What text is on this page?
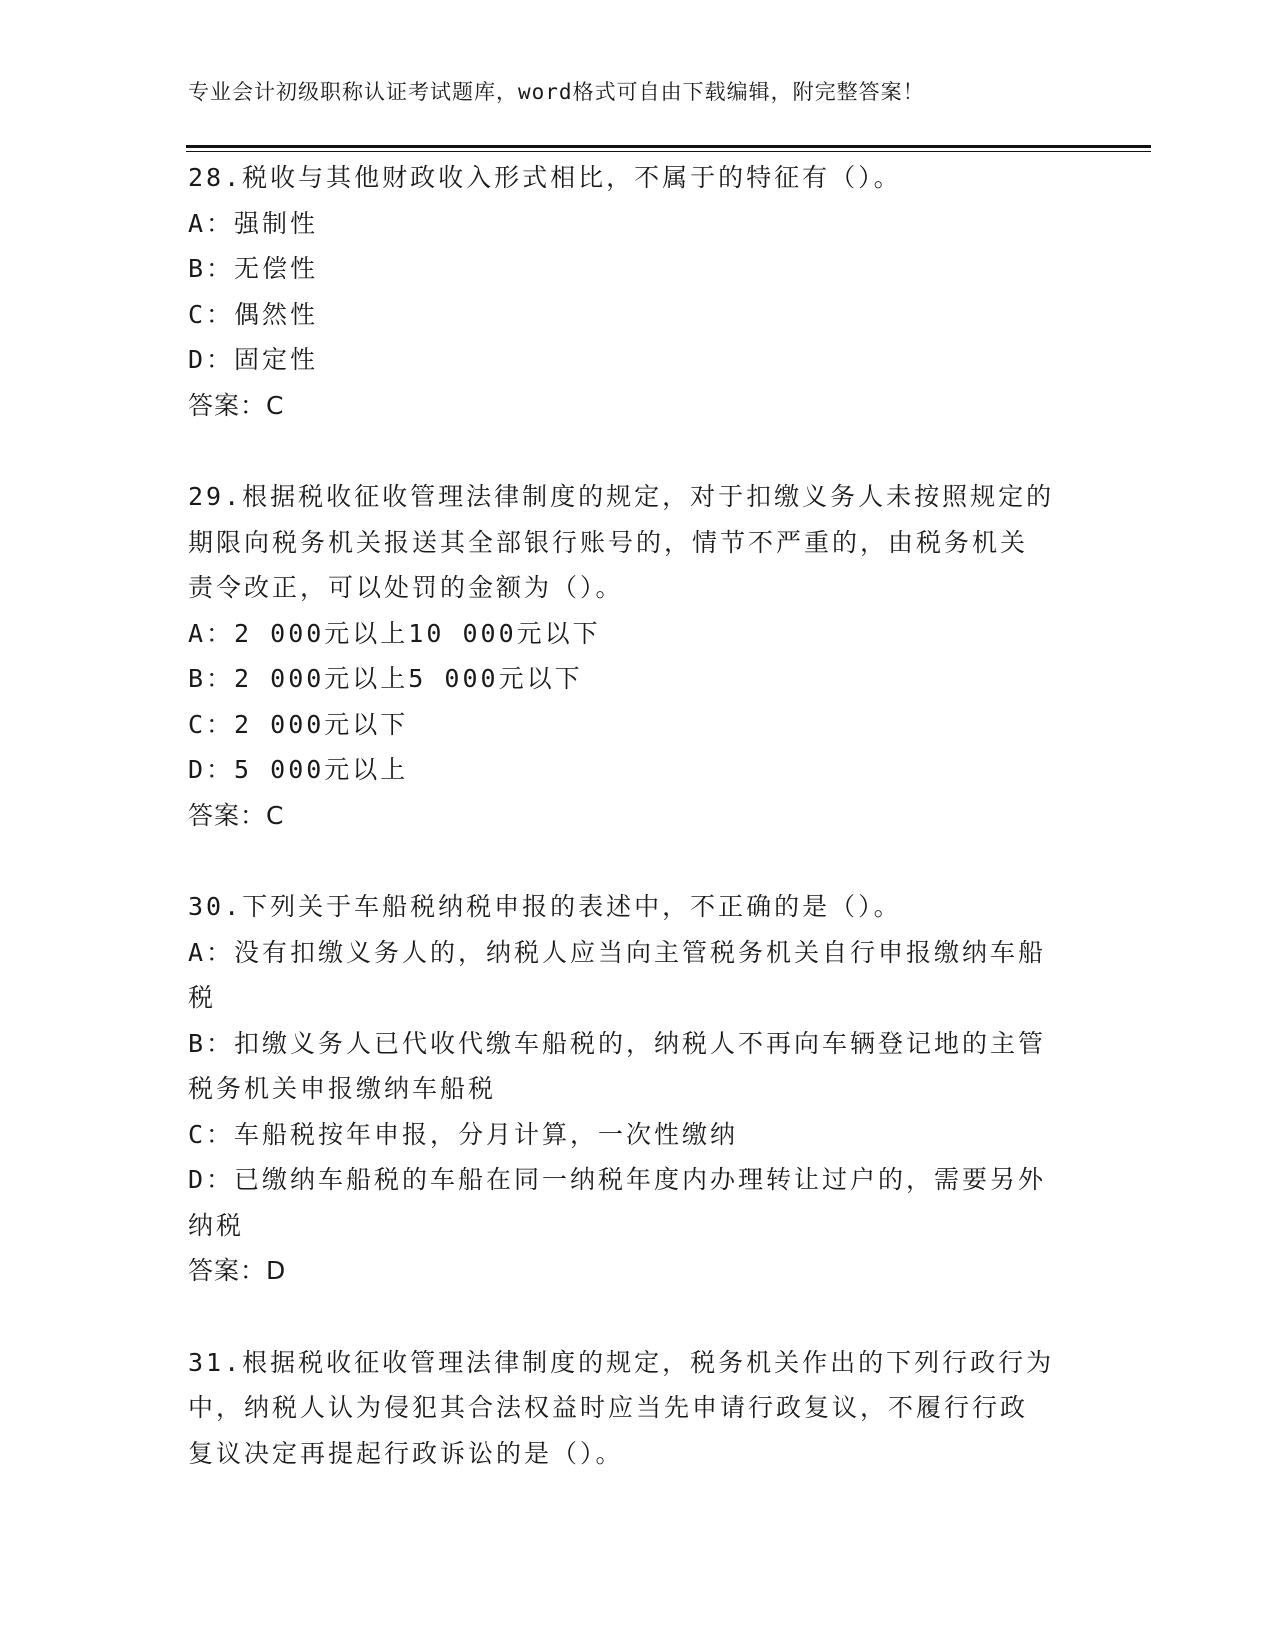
专业会计初级职称认证考试题库，word格式可自由下载编辑，附完整答案！
28.税收与其他财政收入形式相比，不属于的特征有（）。
A：强制性
B：无偿性
C：偶然性
D：固定性
答案：C
29.根据税收征收管理法律制度的规定，对于扣缴义务人未按照规定的
期限向税务机关报送其全部银行账号的，情节不严重的，由税务机关
责令改正，可以处罚的金额为（）。
A：2 000元以上10 000元以下
B：2 000元以上5 000元以下
C：2 000元以下
D：5 000元以上
答案：C
30.下列关于车船税纳税申报的表述中，不正确的是（）。
A：没有扣缴义务人的，纳税人应当向主管税务机关自行申报缴纳车船
税
B：扣缴义务人已代收代缴车船税的，纳税人不再向车辆登记地的主管
税务机关申报缴纳车船税
C：车船税按年申报，分月计算，一次性缴纳
D：已缴纳车船税的车船在同一纳税年度内办理转让过户的，需要另外
纳税
答案：D
31.根据税收征收管理法律制度的规定，税务机关作出的下列行政行为
中，纳税人认为侵犯其合法权益时应当先申请行政复议，不履行行政
复议决定再提起行政诉讼的是（）。
